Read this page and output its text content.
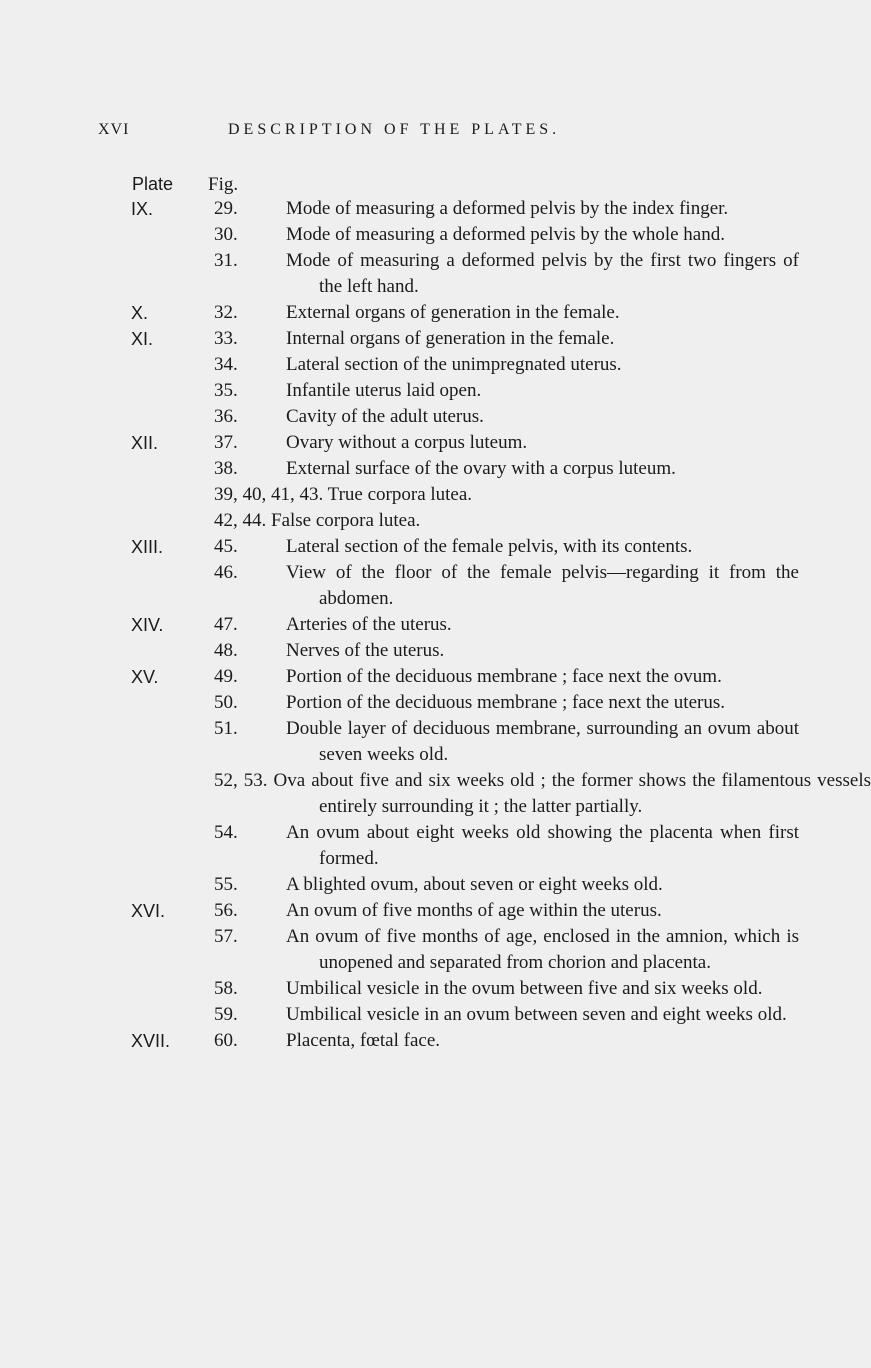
XVI	DESCRIPTION OF THE PLATES.
Plate Fig.
IX.	29.	Mode of measuring a deformed pelvis by the index finger.
30.	Mode of measuring a deformed pelvis by the whole hand.
31.	Mode of measuring a deformed pelvis by the first two fingers of the left hand.
X.	32.	External organs of generation in the female.
XI.	33.	Internal organs of generation in the female.
34.	Lateral section of the unimpregnated uterus.
35.	Infantile uterus laid open.
36.	Cavity of the adult uterus.
XII.	37.	Ovary without a corpus luteum.
38.	External surface of the ovary with a corpus luteum.
39, 40, 41, 43. True corpora lutea.
42, 44. False corpora lutea.
XIII.	45.	Lateral section of the female pelvis, with its contents.
46.	View of the floor of the female pelvis—regarding it from the abdomen.
XIV.	47.	Arteries of the uterus.
48.	Nerves of the uterus.
XV.	49.	Portion of the deciduous membrane ; face next the ovum.
50.	Portion of the deciduous membrane ; face next the uterus.
51.	Double layer of deciduous membrane, surrounding an ovum about seven weeks old.
52, 53. Ova about five and six weeks old ; the former shows the filamentous vessels entirely surrounding it ; the latter partially.
54.	An ovum about eight weeks old showing the placenta when first formed.
55.	A blighted ovum, about seven or eight weeks old.
XVI.	56.	An ovum of five months of age within the uterus.
57.	An ovum of five months of age, enclosed in the amnion, which is unopened and separated from chorion and placenta.
58.	Umbilical vesicle in the ovum between five and six weeks old.
59.	Umbilical vesicle in an ovum between seven and eight weeks old.
XVII. 60.	Placenta, fœtal face.
